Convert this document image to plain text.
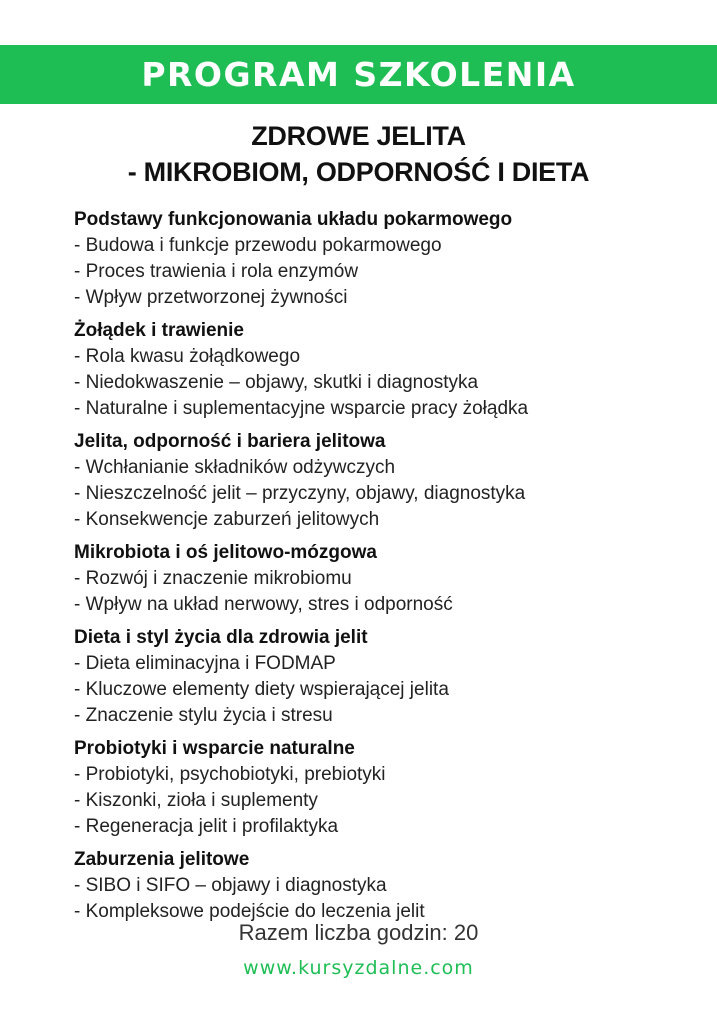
PROGRAM SZKOLENIA
ZDROWE JELITA
- MIKROBIOM, ODPORNOŚĆ I DIETA
Podstawy funkcjonowania układu pokarmowego
- Budowa i funkcje przewodu pokarmowego
- Proces trawienia i rola enzymów
- Wpływ przetworzonej żywności
Żołądek i trawienie
- Rola kwasu żołądkowego
- Niedokwaszenie – objawy, skutki i diagnostyka
- Naturalne i suplementacyjne wsparcie pracy żołądka
Jelita, odporność i bariera jelitowa
- Wchłanianie składników odżywczych
- Nieszczelność jelit – przyczyny, objawy, diagnostyka
- Konsekwencje zaburzeń jelitowych
Mikrobiota i oś jelitowo-mózgowa
- Rozwój i znaczenie mikrobiomu
- Wpływ na układ nerwowy, stres i odporność
Dieta i styl życia dla zdrowia jelit
- Dieta eliminacyjna i FODMAP
- Kluczowe elementy diety wspierającej jelita
- Znaczenie stylu życia i stresu
Probiotyki i wsparcie naturalne
- Probiotyki, psychobiotyki, prebiotyki
- Kiszonki, zioła i suplementy
- Regeneracja jelit i profilaktyka
Zaburzenia jelitowe
- SIBO i SIFO – objawy i diagnostyka
- Kompleksowe podejście do leczenia jelit
Razem liczba godzin: 20
www.kursyzdalne.com
